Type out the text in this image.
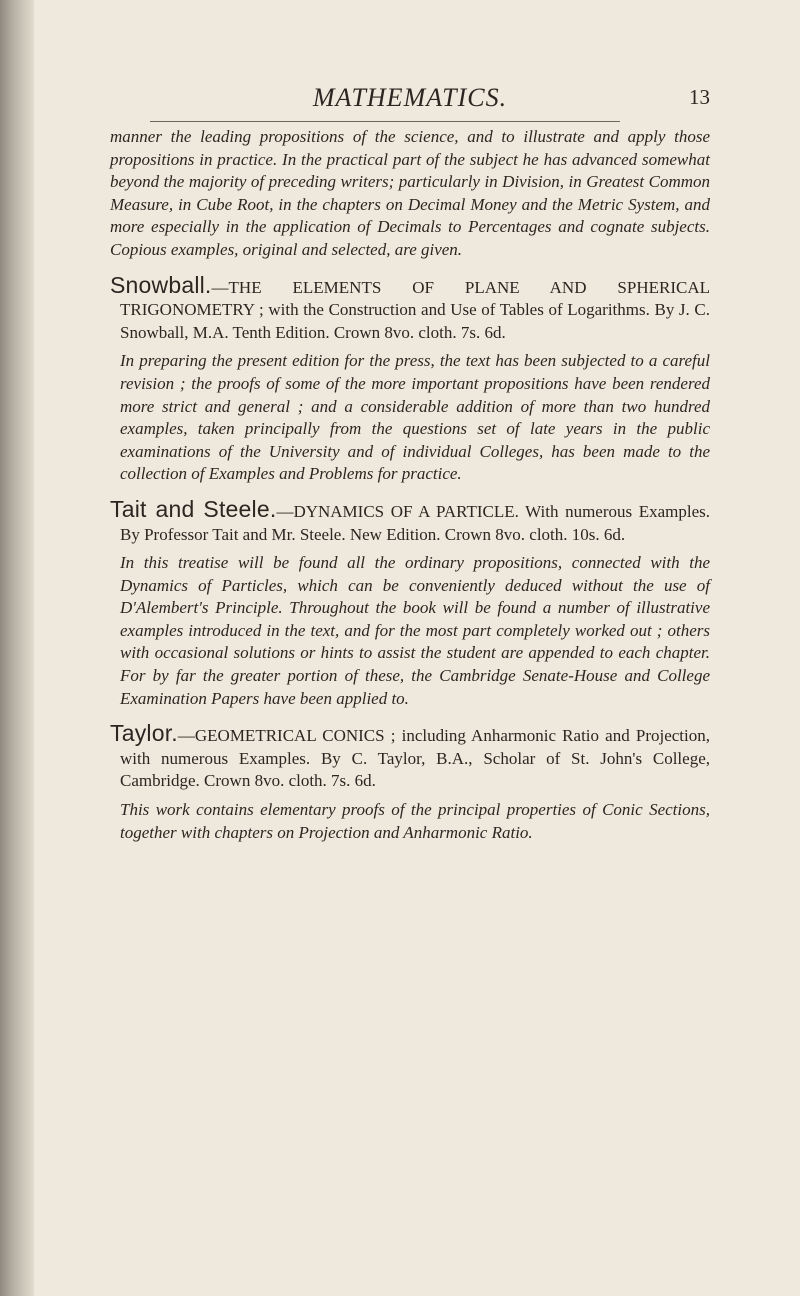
MATHEMATICS.	13

manner the leading propositions of the science, and to illustrate and apply those propositions in practice. In the practical part of the subject he has advanced somewhat beyond the majority of preceding writers; particularly in Division, in Greatest Common Measure, in Cube Root, in the chapters on Decimal Money and the Metric System, and more especially in the application of Decimals to Percentages and cognate subjects. Copious examples, original and selected, are given.

Snowball.—THE ELEMENTS OF PLANE AND SPHERICAL TRIGONOMETRY ; with the Construction and Use of Tables of Logarithms. By J. C. Snowball, M.A. Tenth Edition. Crown 8vo. cloth. 7s. 6d.

In preparing the present edition for the press, the text has been subjected to a careful revision ; the proofs of some of the more important propositions have been rendered more strict and general ; and a considerable addition of more than two hundred examples, taken principally from the questions set of late years in the public examinations of the University and of individual Colleges, has been made to the collection of Examples and Problems for practice.

Tait and Steele.—DYNAMICS OF A PARTICLE. With numerous Examples. By Professor Tait and Mr. Steele. New Edition. Crown 8vo. cloth. 10s. 6d.

In this treatise will be found all the ordinary propositions, connected with the Dynamics of Particles, which can be conveniently deduced without the use of D'Alembert's Principle. Throughout the book will be found a number of illustrative examples introduced in the text, and for the most part completely worked out ; others with occasional solutions or hints to assist the student are appended to each chapter. For by far the greater portion of these, the Cambridge Senate-House and College Examination Papers have been applied to.

Taylor.—GEOMETRICAL CONICS ; including Anharmonic Ratio and Projection, with numerous Examples. By C. Taylor, B.A., Scholar of St. John's College, Cambridge. Crown 8vo. cloth. 7s. 6d.

This work contains elementary proofs of the principal properties of Conic Sections, together with chapters on Projection and Anharmonic Ratio.
